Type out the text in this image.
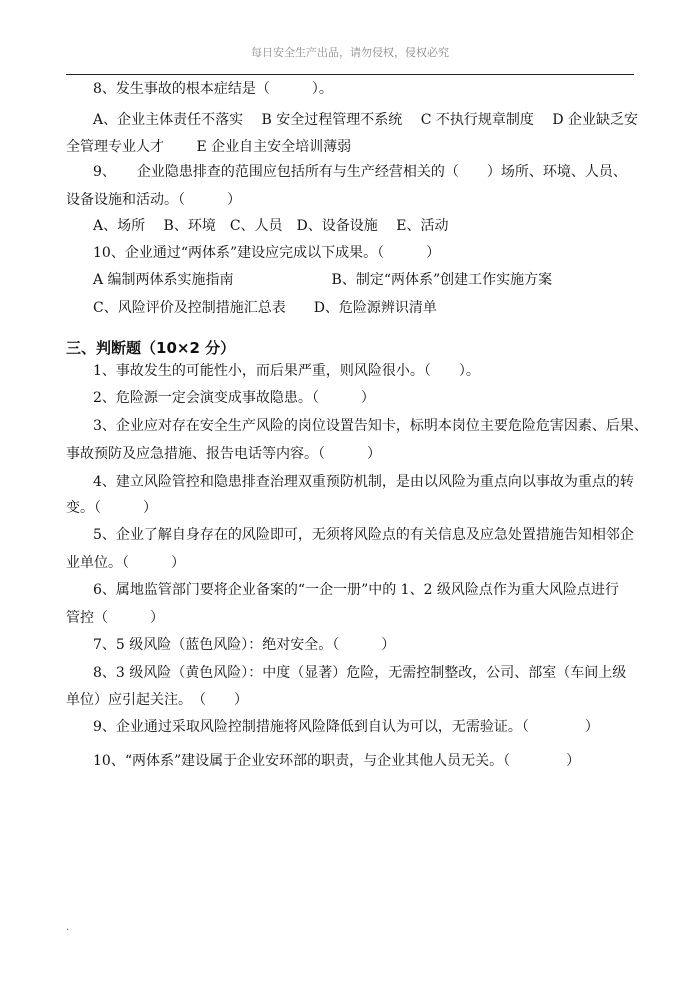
每日安全生产出品，请勿侵权，侵权必究
8、发生事故的根本症结是（　　　）。
A、企业主体责任不落实　 B 安全过程管理不系统　 C 不执行规章制度　 D 企业缺乏安
全管理专业人才　　 E 企业自主安全培训薄弱
9、　　企业隐患排查的范围应包括所有与生产经营相关的（　　）场所、环境、人员、
设备设施和活动。（　　　）
A、场所　 B、环境　C、人员　D、设备设施　 E、活动
10、企业通过“两体系”建设应完成以下成果。（　　　）
A 编制两体系实施指南　　　　　　　B、制定“两体系”创建工作实施方案
C、风险评价及控制措施汇总表　　D、危险源辨识清单
三、判断题（10×2 分）
1、事故发生的可能性小，而后果严重，则风险很小。（　　）。
2、危险源一定会演变成事故隐患。（　　　）
3、企业应对存在安全生产风险的岗位设置告知卡，标明本岗位主要危险危害因素、后果、
事故预防及应急措施、报告电话等内容。（　　　）
4、建立风险管控和隐患排查治理双重预防机制，是由以风险为重点向以事故为重点的转
变。（　　　）
5、企业了解自身存在的风险即可，无须将风险点的有关信息及应急处置措施告知相邻企
业单位。（　　　）
6、属地监管部门要将企业备案的“一企一册”中的 1、2 级风险点作为重大风险点进行
管控（　　　）
7、5 级风险（蓝色风险）：绝对安全。（　　　）
8、3 级风险（黄色风险）：中度（显著）危险，无需控制整改，公司、部室（车间上级
单位）应引起关注。　（　　）
9、企业通过采取风险控制措施将风险降低到自认为可以，无需验证。（　　　　）
10、“两体系”建设属于企业安环部的职责，与企业其他人员无关。（　　　　）
.
